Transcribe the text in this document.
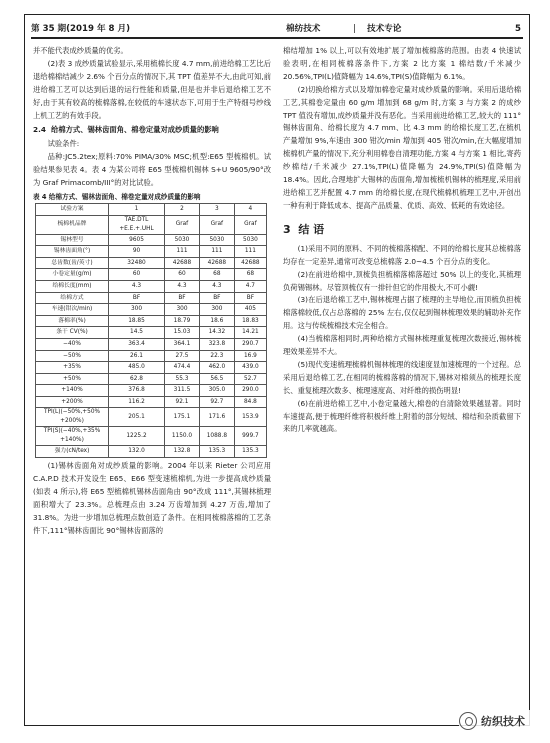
第 35 期(2019 年 8 月)	棉纺技术	| 技术专论	5

并不能代表成纱质量的优劣。

(2)表 3 成纱质量试验显示,采用梳棉长度 4.7 mm,前进给棉工艺比后退给棉棉结减少 2.6% 个百分点的情况下,其 TPT 值差异不大,由此可知,前进给棉工艺可以达到后退的运行性能和质量,但是也并非后退给棉工艺不好,由于其有较高的梳棉落棉,在较低的车速状态下,可用于生产特细号纱线上机工艺的有效手段。

2.4 给棉方式、锡林齿面角、棉卷定量对成纱质量的影响

试验条件:

品种:JC5.2tex;原料:70% PIMA/30% MSC;机型:E65 型梳棉机。试验结果参见表 4。表 4 为某公司将 E65 型梳棉机锡林 S+U 9605/90°改为 Graf Primacomb/III°的对比试验。

表 4 给棉方式、锡林齿面角、棉卷定量对成纱质量的影响
试验方案	1	2	3	4
梳棉机品牌	TAE.DTL
+E.E.+.UHL	Graf	Graf	Graf
锡林型号	9605	5030	5030	5030
锡林齿面角(°)	90	111	111	111
总齿数(齿/英寸)	32480	42688	42688	42688
小卷定量(g/m)	60	60	68	68
给棉长度(mm)	4.3	4.3	4.3	4.7
给棉方式	BF	BF	BF	BF
车速(钳次/min)	300	300	300	405
落棉率(%)	18.85	18.79	18.6	18.83
条干 CV(%)	14.5	15.03	14.32	14.21
−40%	363.4	364.1	323.8	290.7
−50%	26.1	27.5	22.3	16.9
+35%	485.0	474.4	462.0	439.0
+50%	62.8	55.3	56.5	52.7
+140%	376.8	311.5	305.0	290.0
+200%	116.2	92.1	92.7	84.8
TPI(L)(−50%,+50%
+200%)	205.1	175.1	171.6	153.9
TPI(S)(−40%,+35%
+140%)	1225.2	1150.0	1088.8	999.7
强力(cN/tex)	132.0	132.8	135.3	135.3

(1)锡林齿面角对成纱质量的影响。2004 年以来 Rieter 公司应用 C.A.P.D 技术开发设生 E65、E66 型变速梳棉机,为进一步提高成纱质量(如表 4 所示),将 E65 型梳棉机锡林齿面角由 90°改成 111°,其锡林梳理面积增大了 23.3%。总梳理点由 3.24 万齿增加到 4.27 万齿,增加了 31.8%。为进一步增加总梳理点数创造了条件。在相同梳棉落棉的工艺条件下,111°锡林齿面比 90°锡林齿面落的

棉结增加 1% 以上,可以有效地扩展了增加梳棉落的范围。由表 4 快速试验表明,在相同梳棉落条件下,方案 2 比方案 1 棉结数/千米减少 20.56%,TPI(L)值降幅为 14.6%,TPI(S)值降幅为 6.1%。

(2)切换给棉方式以及增加棉卷定量对成纱质量的影响。采用后退给棉工艺,其棉卷定量由 60 g/m 增加到 68 g/m 时,方案 3 与方案 2 的成纱 TPT 值没有增加,成纱质量并没有恶化。当采用前进给棉工艺,较大的 111°锡林齿面角、给棉长度为 4.7 mm、比 4.3 mm 的给棉长度工艺,在梳机产量增加 9%,车速由 300 钳次/min 增加到 405 钳次/min,在大幅度增加梳棉机产量的情况下,充分利用棉卷自清理功能,方案 4 与方案 1 相比,寄药纱棉结/千米减少 27.1%,TPI(L)值降幅为 24.9%,TPI(S)值降幅为 18.4%。因此,合理地扩大锡林的齿面角,增加梳梳机锡林的梳理度,采用前进给棉工艺并配置 4.7 mm 的给棉长度,在现代梳棉机梳理工艺中,开创出一种有利于降低成本、提高产品质量、优质、高效、低耗的有效途径。

3 结 语

(1)采用不同的原料、不同的梳棉落棉配、不同的给棉长度其总梳棉落均存在一定差异,通常可改变总梳棉落 2.0~4.5 个百分点的变化。

(2)在前进给棉中,顶梳负担梳棉落棉落超过 50% 以上的变化,其梳理负荷锡锡林。尽管顶梳仅有一排针但它的作用极大,不可小觑!

(3)在后退给棉工艺中,锡林梳理占据了梳理的主导地位,而顶梳负担梳棉落棉较低,仅占总落棉的 25% 左右,仅仅起到锡林梳理效果的辅助补充作用。这与传统梳棉技术完全相合。

(4)当梳棉落相同时,两种给棉方式锡林梳理重复梳理次数接近,锡林梳理效果差异不大。

(5)现代变速梳理梳棉机锡林梳理的线速度显加速梳理的一个过程。总采用后退给棉工艺,在相同的梳棉落棉的情况下,锡林对棉须丛的梳理长度长、重复梳理次数多、梳理速度高、对纤维的损伤明显!

(6)在前进给棉工艺中,小卷定量越大,棉卷的自清除效果越显著。同时车速提高,便于梳理纤维将积极纤维上附着的部分短绒、棉结和杂质截留下来的几率就越高。

纺织技术
